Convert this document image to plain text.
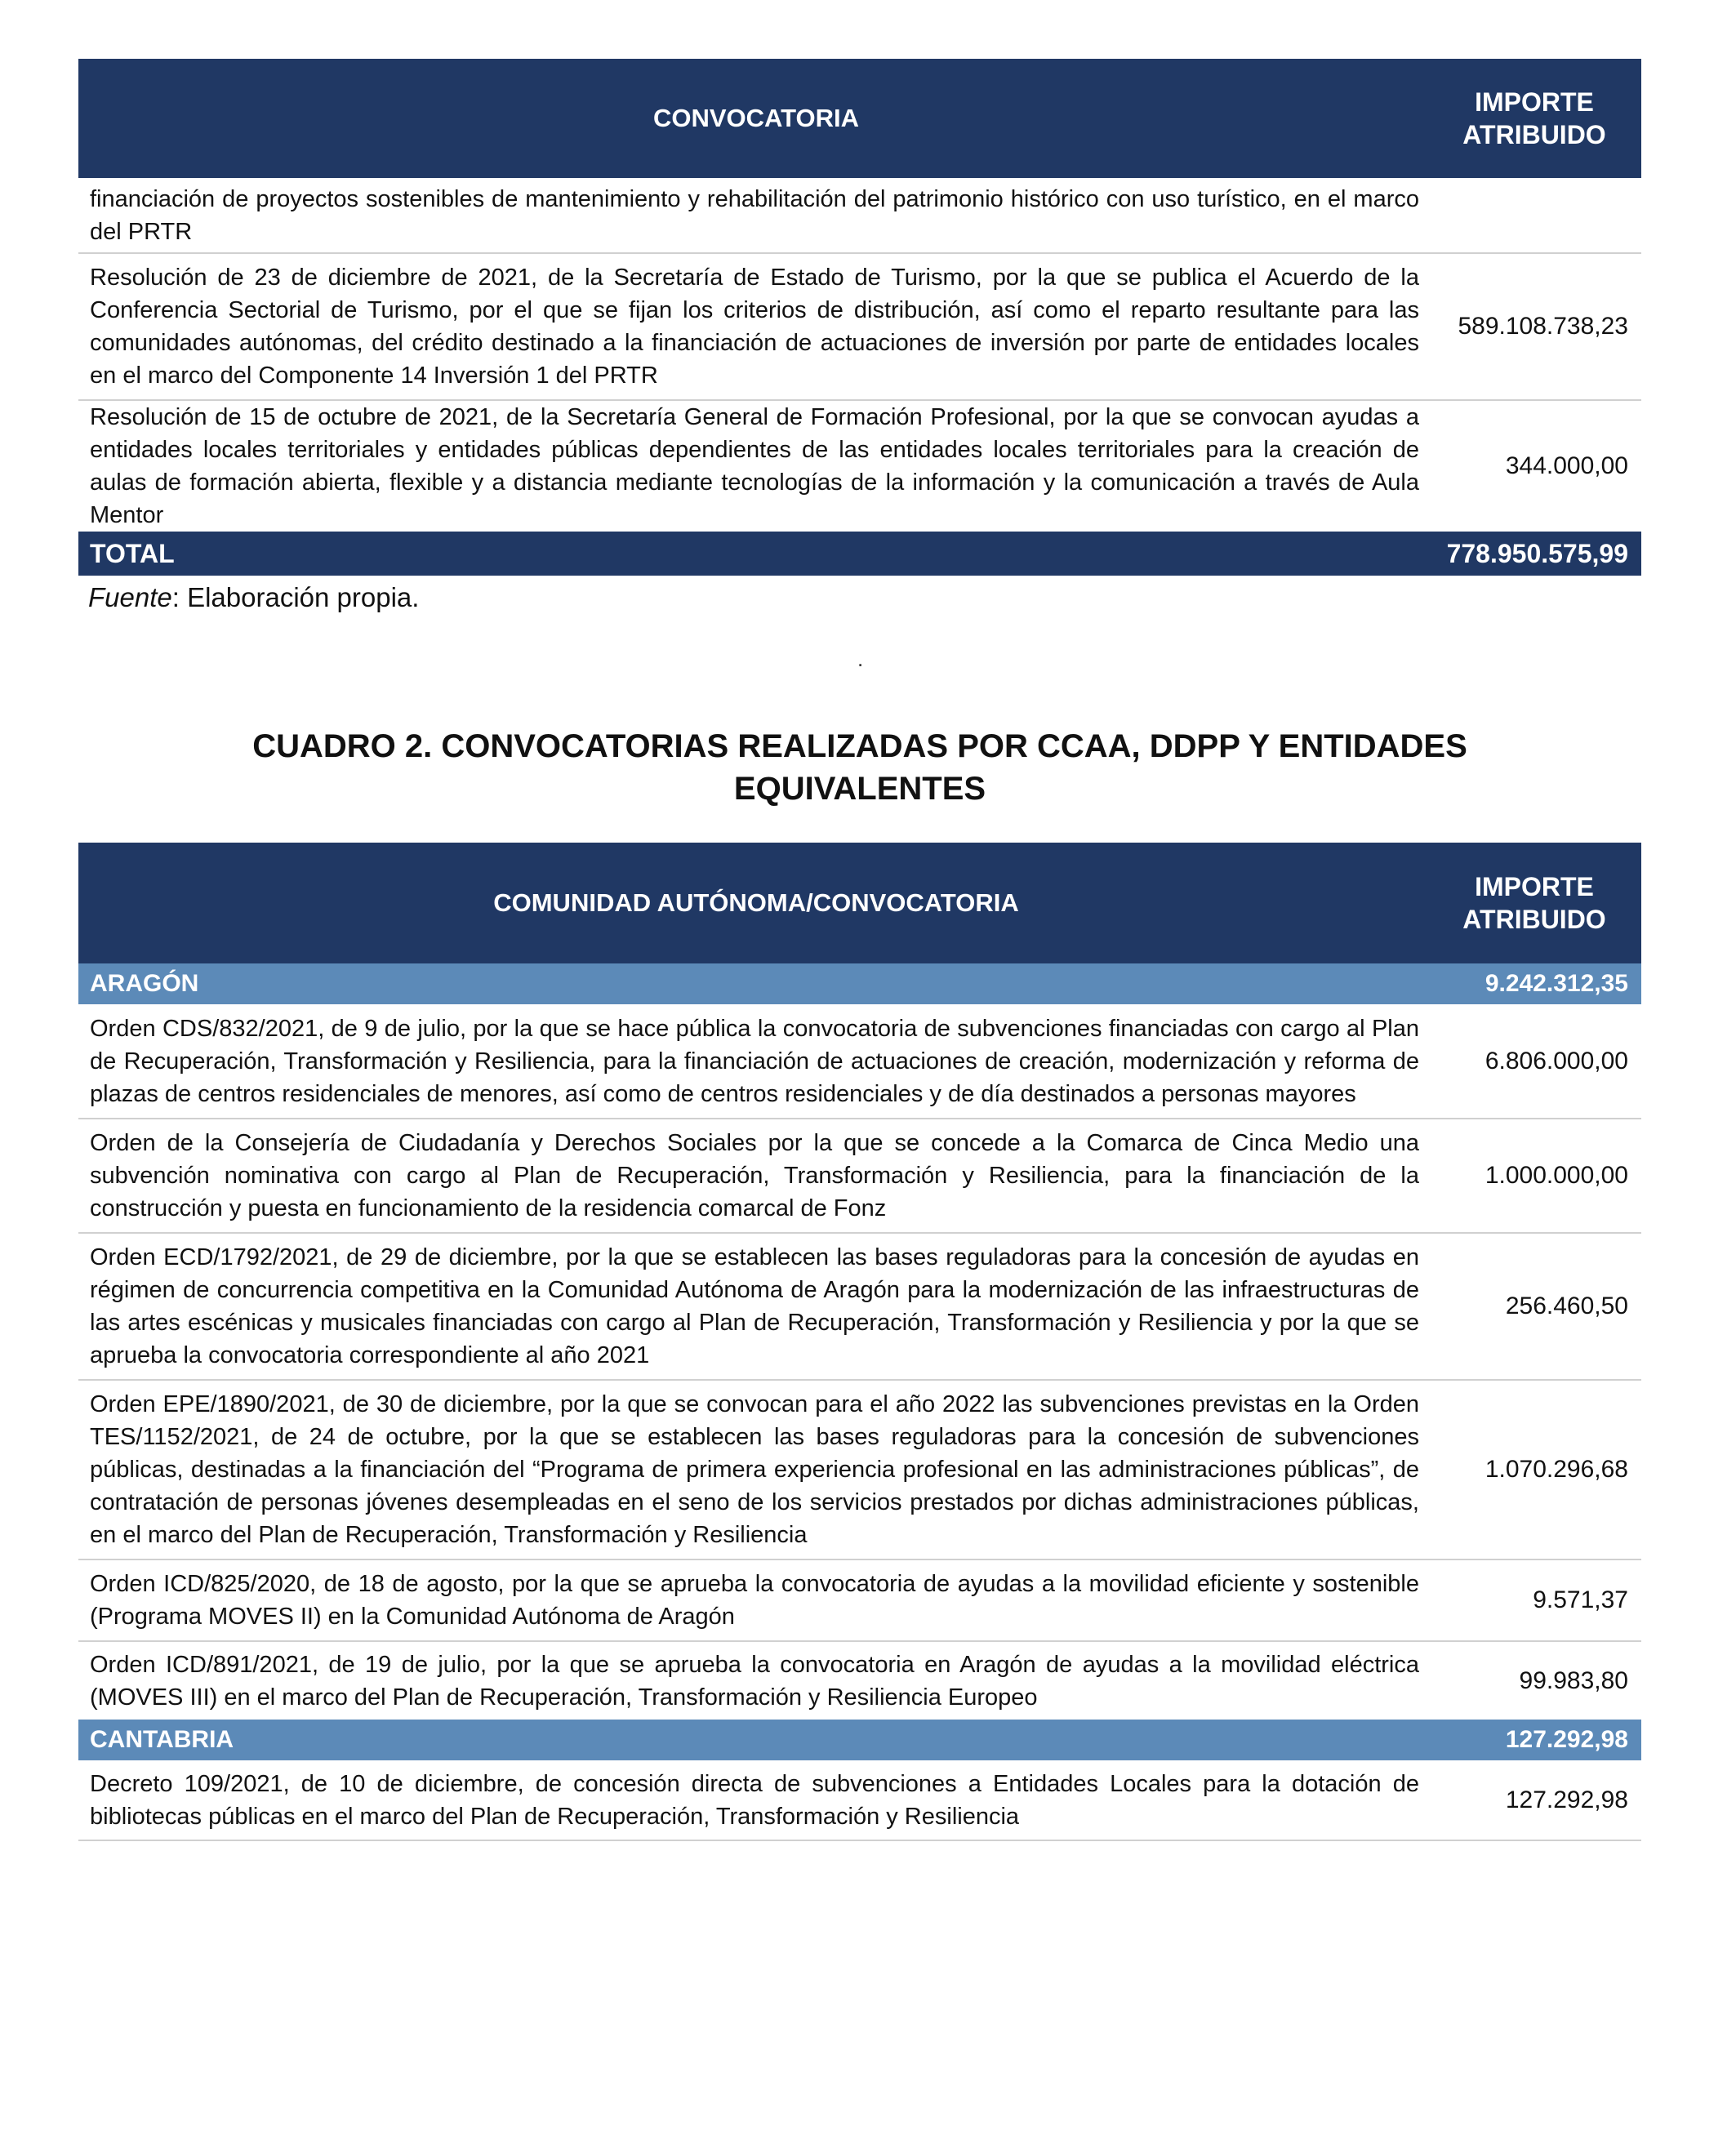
CONVOCATORIA	IMPORTE ATRIBUIDO
financiación de proyectos sostenibles de mantenimiento y rehabilitación del patrimonio histórico con uso turístico, en el marco del PRTR	
Resolución de 23 de diciembre de 2021, de la Secretaría de Estado de Turismo, por la que se publica el Acuerdo de la Conferencia Sectorial de Turismo, por el que se fijan los criterios de distribución, así como el reparto resultante para las comunidades autónomas, del crédito destinado a la financiación de actuaciones de inversión por parte de entidades locales en el marco del Componente 14 Inversión 1 del PRTR	589.108.738,23
Resolución de 15 de octubre de 2021, de la Secretaría General de Formación Profesional, por la que se convocan ayudas a entidades locales territoriales y entidades públicas dependientes de las entidades locales territoriales para la creación de aulas de formación abierta, flexible y a distancia mediante tecnologías de la información y la comunicación a través de Aula Mentor	344.000,00
TOTAL	778.950.575,99
Fuente: Elaboración propia.
.
CUADRO 2. CONVOCATORIAS REALIZADAS POR CCAA, DDPP Y ENTIDADES
EQUIVALENTES
COMUNIDAD AUTÓNOMA/CONVOCATORIA	IMPORTE ATRIBUIDO
ARAGÓN	9.242.312,35
Orden CDS/832/2021, de 9 de julio, por la que se hace pública la convocatoria de subvenciones financiadas con cargo al Plan de Recuperación, Transformación y Resiliencia, para la financiación de actuaciones de creación, modernización y reforma de plazas de centros residenciales de menores, así como de centros residenciales y de día destinados a personas mayores	6.806.000,00
Orden de la Consejería de Ciudadanía y Derechos Sociales por la que se concede a la Comarca de Cinca Medio una subvención nominativa con cargo al Plan de Recuperación, Transformación y Resiliencia, para la financiación de la construcción y puesta en funcionamiento de la residencia comarcal de Fonz	1.000.000,00
Orden ECD/1792/2021, de 29 de diciembre, por la que se establecen las bases reguladoras para la concesión de ayudas en régimen de concurrencia competitiva en la Comunidad Autónoma de Aragón para la modernización de las infraestructuras de las artes escénicas y musicales financiadas con cargo al Plan de Recuperación, Transformación y Resiliencia y por la que se aprueba la convocatoria correspondiente al año 2021	256.460,50
Orden EPE/1890/2021, de 30 de diciembre, por la que se convocan para el año 2022 las subvenciones previstas en la Orden TES/1152/2021, de 24 de octubre, por la que se establecen las bases reguladoras para la concesión de subvenciones públicas, destinadas a la financiación del “Programa de primera experiencia profesional en las administraciones públicas”, de contratación de personas jóvenes desempleadas en el seno de los servicios prestados por dichas administraciones públicas, en el marco del Plan de Recuperación, Transformación y Resiliencia	1.070.296,68
Orden ICD/825/2020, de 18 de agosto, por la que se aprueba la convocatoria de ayudas a la movilidad eficiente y sostenible (Programa MOVES II) en la Comunidad Autónoma de Aragón	9.571,37
Orden ICD/891/2021, de 19 de julio, por la que se aprueba la convocatoria en Aragón de ayudas a la movilidad eléctrica (MOVES III) en el marco del Plan de Recuperación, Transformación y Resiliencia Europeo	99.983,80
CANTABRIA	127.292,98
Decreto 109/2021, de 10 de diciembre, de concesión directa de subvenciones a Entidades Locales para la dotación de bibliotecas públicas en el marco del Plan de Recuperación, Transformación y Resiliencia	127.292,98
